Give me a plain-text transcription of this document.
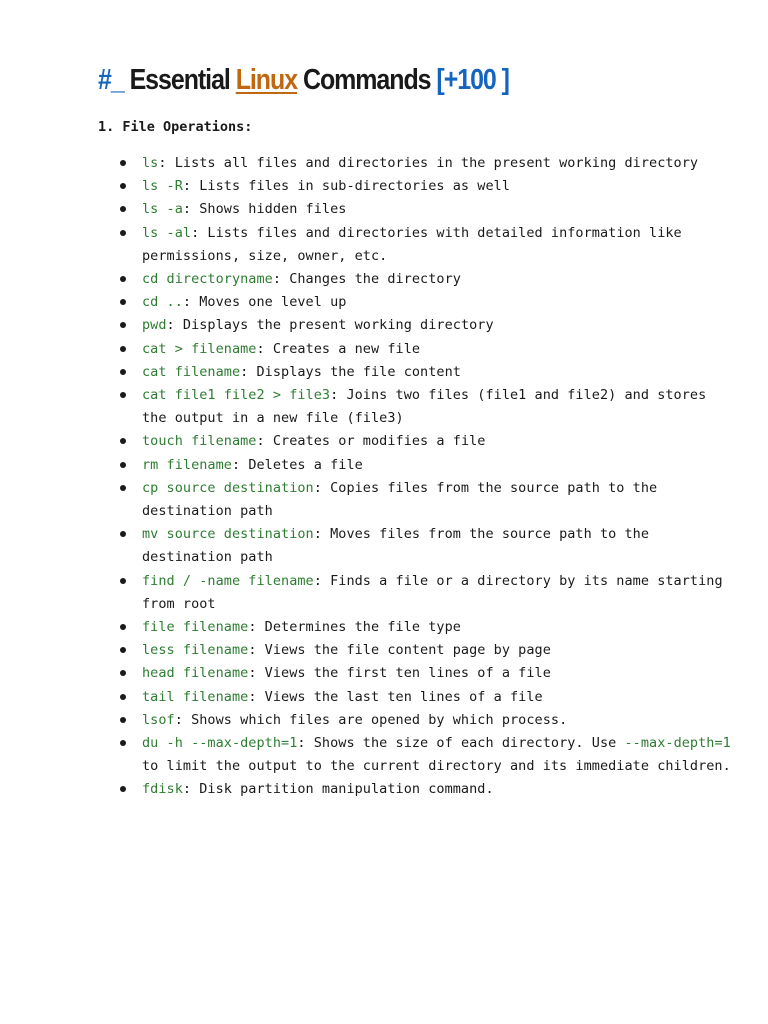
#_ Essential Linux Commands [+100 ]
1. File Operations:
ls: Lists all files and directories in the present working directory
ls -R: Lists files in sub-directories as well
ls -a: Shows hidden files
ls -al: Lists files and directories with detailed information like permissions, size, owner, etc.
cd directoryname: Changes the directory
cd ..: Moves one level up
pwd: Displays the present working directory
cat > filename: Creates a new file
cat filename: Displays the file content
cat file1 file2 > file3: Joins two files (file1 and file2) and stores the output in a new file (file3)
touch filename: Creates or modifies a file
rm filename: Deletes a file
cp source destination: Copies files from the source path to the destination path
mv source destination: Moves files from the source path to the destination path
find / -name filename: Finds a file or a directory by its name starting from root
file filename: Determines the file type
less filename: Views the file content page by page
head filename: Views the first ten lines of a file
tail filename: Views the last ten lines of a file
lsof: Shows which files are opened by which process.
du -h --max-depth=1: Shows the size of each directory. Use --max-depth=1 to limit the output to the current directory and its immediate children.
fdisk: Disk partition manipulation command.
